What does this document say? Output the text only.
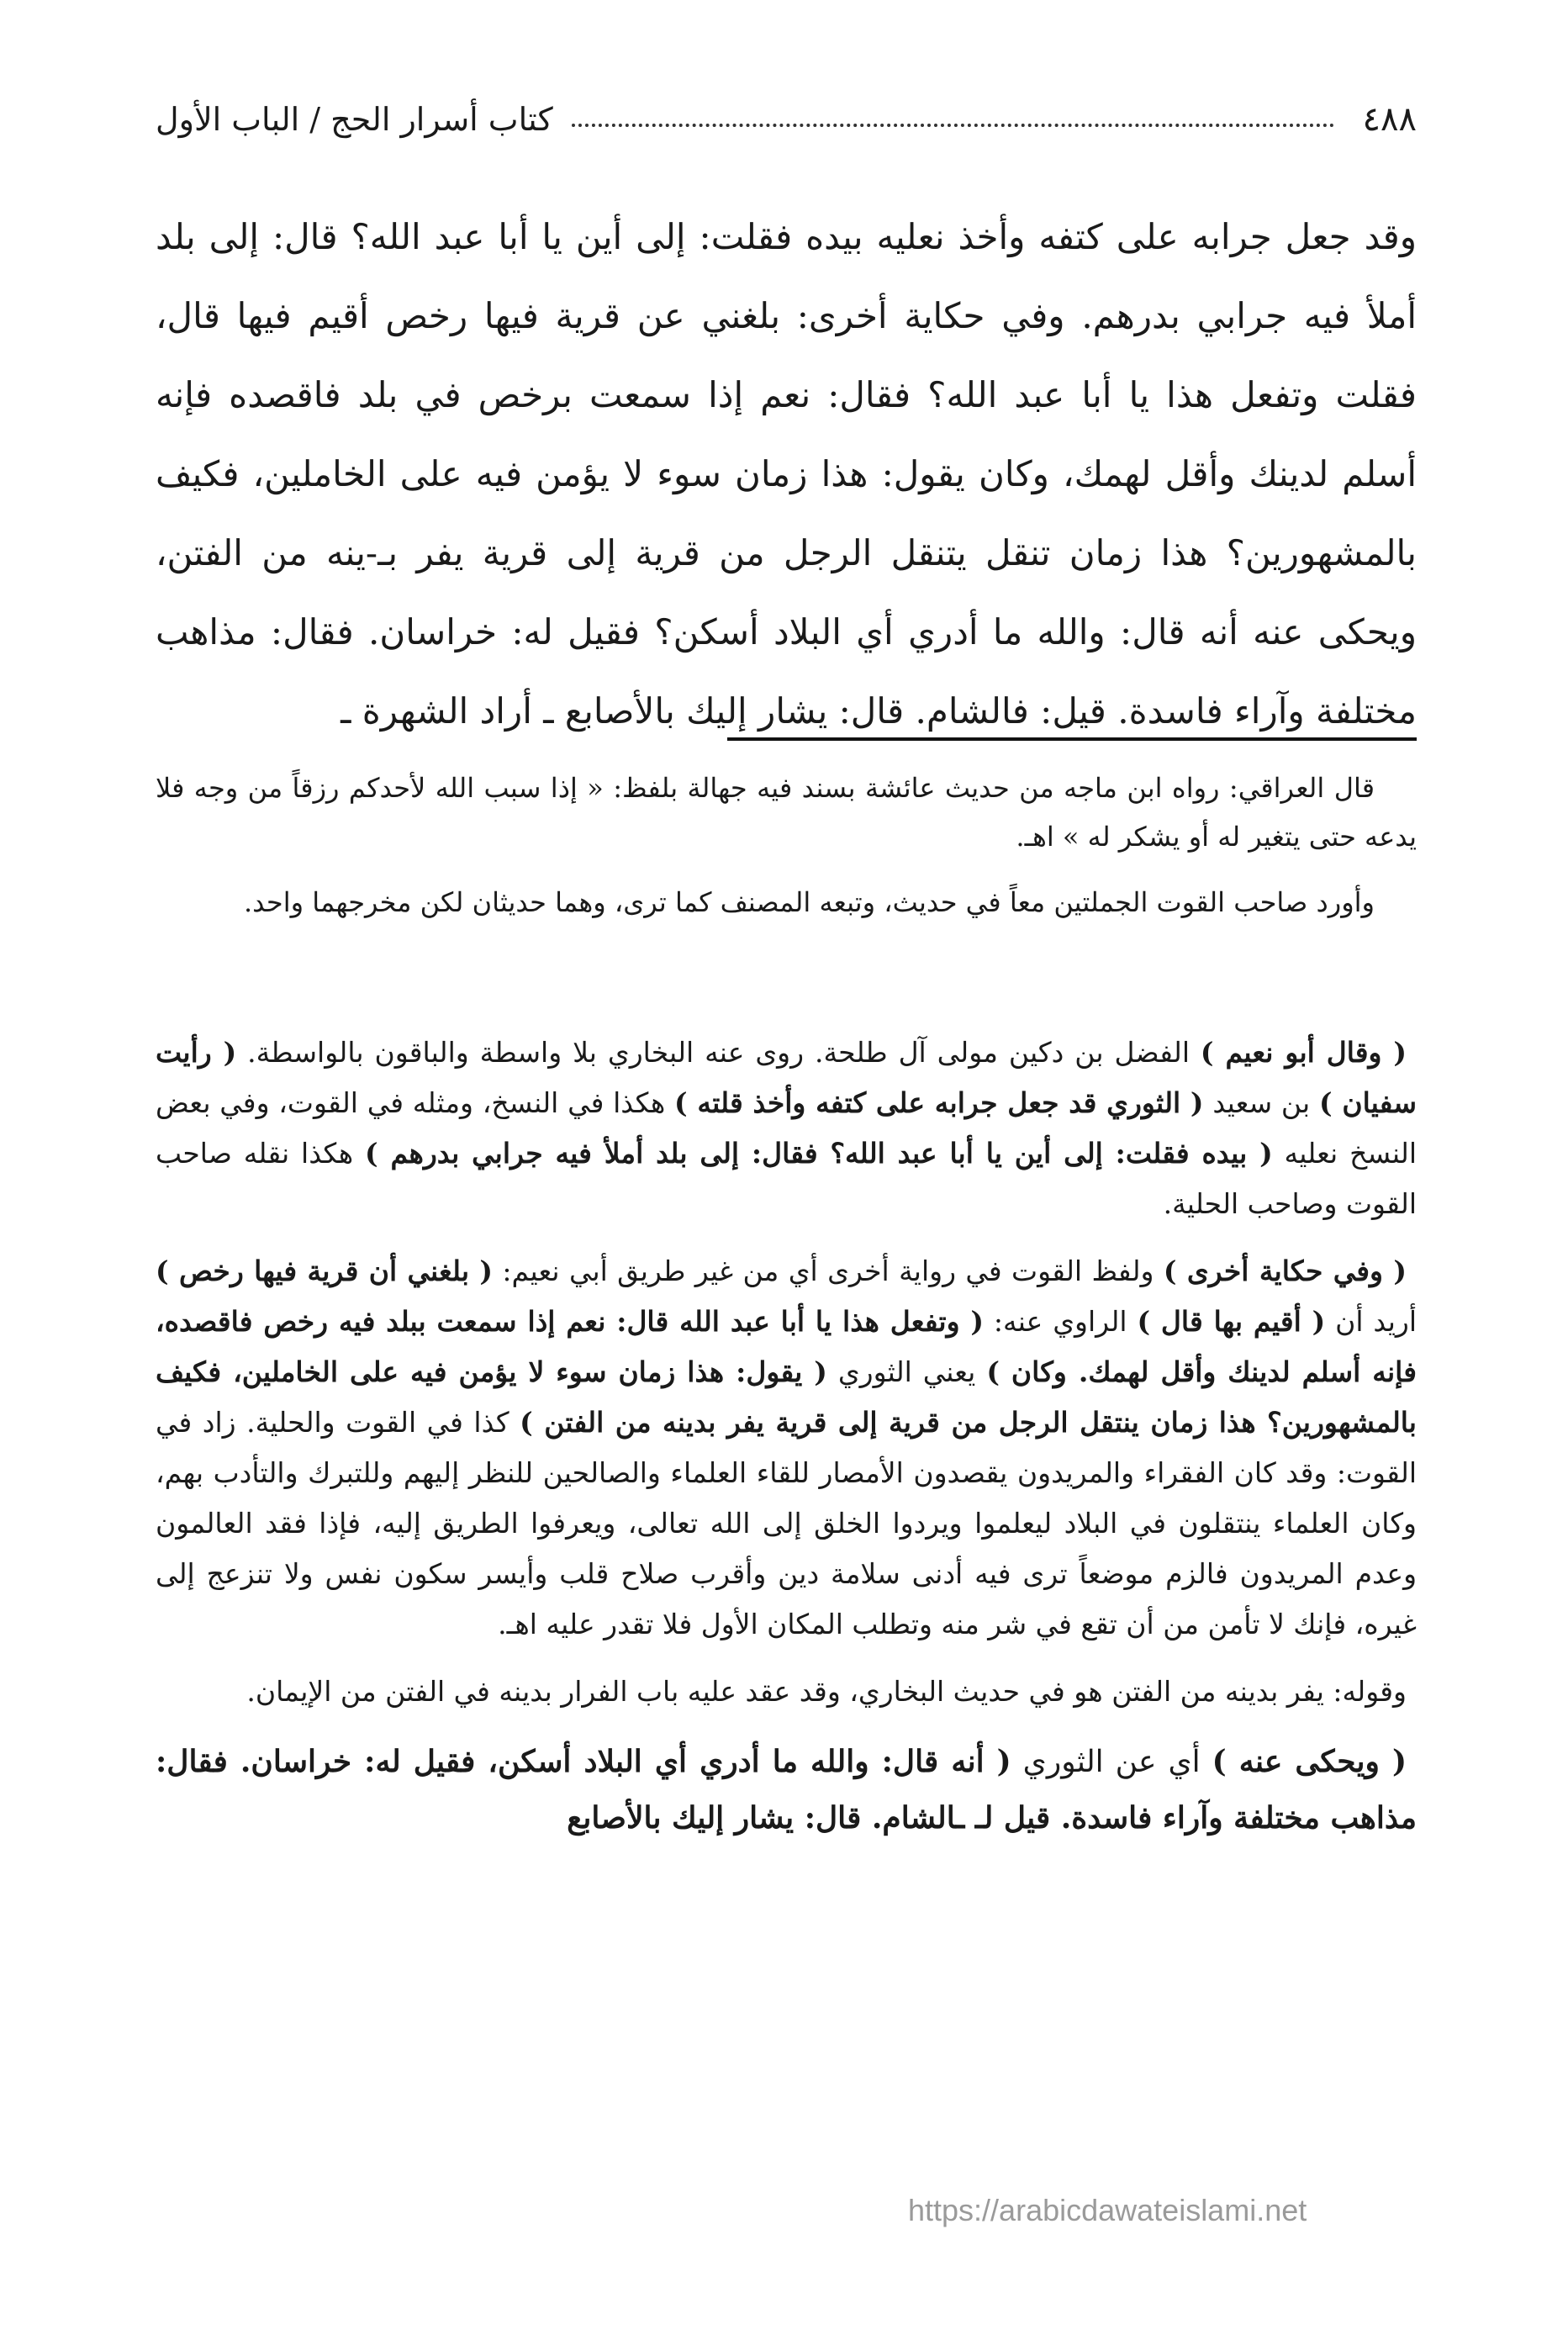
٤٨٨
كتاب أسرار الحج / الباب الأول
وقد جعل جرابه على كتفه وأخذ نعليه بيده فقلت: إلى أين يا أبا عبد الله؟ قال: إلى بلد أملأ فيه جرابي بدرهم. وفي حكاية أخرى: بلغني عن قرية فيها رخص أقيم فيها قال، فقلت وتفعل هذا يا أبا عبد الله؟ فقال: نعم إذا سمعت برخص في بلد فاقصده فإنه أسلم لدينك وأقل لهمك، وكان يقول: هذا زمان سوء لا يؤمن فيه على الخاملين، فكيف بالمشهورين؟ هذا زمان تنقل يتنقل الرجل من قرية إلى قرية يفر بـ-ينه من الفتن، ويحكى عنه أنه قال: والله ما أدري أي البلاد أسكن؟ فقيل له: خراسان. فقال: مذاهب مختلفة وآراء فاسدة. قيل: فالشام. قال: يشار إليك بالأصابع ـ أراد الشهرة ـ

قال العراقي: رواه ابن ماجه من حديث عائشة بسند فيه جهالة بلفظ: « إذا سبب الله لأحدكم رزقاً من وجه فلا يدعه حتى يتغير له أو يشكر له » اهـ.

وأورد صاحب القوت الجملتين معاً في حديث، وتبعه المصنف كما ترى، وهما حديثان لكن مخرجهما واحد.

( وقال أبو نعيم ) الفضل بن دكين مولى آل طلحة. روى عنه البخاري بلا واسطة والباقون بالواسطة. ( رأيت سفيان ) بن سعيد ( الثوري قد جعل جرابه على كتفه وأخذ قلته ) هكذا في النسخ، ومثله في القوت، وفي بعض النسخ نعليه ( بيده فقلت: إلى أين يا أبا عبد الله؟ فقال: إلى بلد أملأ فيه جرابي بدرهم ) هكذا نقله صاحب القوت وصاحب الحلية.

( وفي حكاية أخرى ) ولفظ القوت في رواية أخرى أي من غير طريق أبي نعيم: ( بلغني أن قرية فيها رخص ) أريد أن ( أقيم بها قال ) الراوي عنه: ( وتفعل هذا يا أبا عبد الله قال: نعم إذا سمعت ببلد فيه رخص فاقصده، فإنه أسلم لدينك وأقل لهمك. وكان ) يعني الثوري ( يقول: هذا زمان سوء لا يؤمن فيه على الخاملين، فكيف بالمشهورين؟ هذا زمان ينتقل الرجل من قرية إلى قرية يفر بدينه من الفتن ) كذا في القوت والحلية. زاد في القوت: وقد كان الفقراء والمريدون يقصدون الأمصار للقاء العلماء والصالحين للنظر إليهم وللتبرك والتأدب بهم، وكان العلماء ينتقلون في البلاد ليعلموا ويردوا الخلق إلى الله تعالى، ويعرفوا الطريق إليه، فإذا فقد العالمون وعدم المريدون فالزم موضعاً ترى فيه أدنى سلامة دين وأقرب صلاح قلب وأيسر سكون نفس ولا تنزعج إلى غيره، فإنك لا تأمن من أن تقع في شر منه وتطلب المكان الأول فلا تقدر عليه اهـ.

وقوله: يفر بدينه من الفتن هو في حديث البخاري، وقد عقد عليه باب الفرار بدينه في الفتن من الإيمان.

( ويحكى عنه ) أي عن الثوري ( أنه قال: والله ما أدري أي البلاد أسكن، فقيل له: خراسان. فقال: مذاهب مختلفة وآراء فاسدة. قيل لـ ـالشام. قال: يشار إليك بالأصابع

https://arabicdawateislami.net
